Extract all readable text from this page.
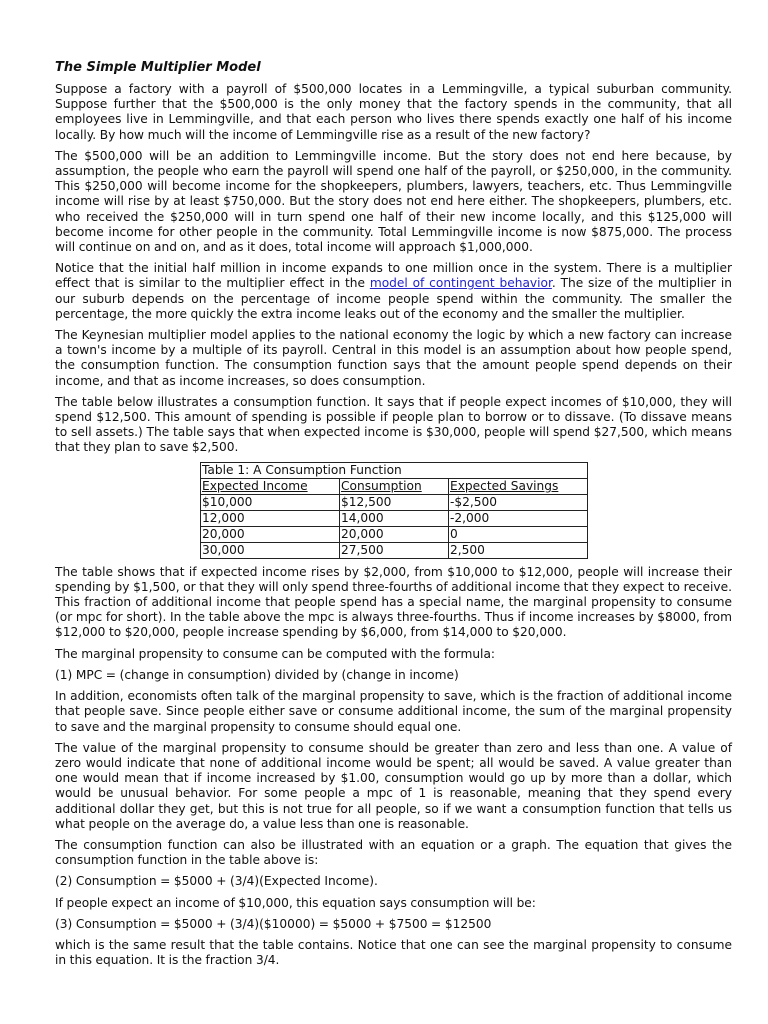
The Simple Multiplier Model

Suppose a factory with a payroll of $500,000 locates in a Lemmingville, a typical suburban community. Suppose further that the $500,000 is the only money that the factory spends in the community, that all employees live in Lemmingville, and that each person who lives there spends exactly one half of his income locally. By how much will the income of Lemmingville rise as a result of the new factory?

The $500,000 will be an addition to Lemmingville income. But the story does not end here because, by assumption, the people who earn the payroll will spend one half of the payroll, or $250,000, in the community. This $250,000 will become income for the shopkeepers, plumbers, lawyers, teachers, etc. Thus Lemmingville income will rise by at least $750,000. But the story does not end here either. The shopkeepers, plumbers, etc. who received the $250,000 will in turn spend one half of their new income locally, and this $125,000 will become income for other people in the community. Total Lemmingville income is now $875,000. The process will continue on and on, and as it does, total income will approach $1,000,000.

Notice that the initial half million in income expands to one million once in the system. There is a multiplier effect that is similar to the multiplier effect in the model of contingent behavior. The size of the multiplier in our suburb depends on the percentage of income people spend within the community. The smaller the percentage, the more quickly the extra income leaks out of the economy and the smaller the multiplier.

The Keynesian multiplier model applies to the national economy the logic by which a new factory can increase a town's income by a multiple of its payroll. Central in this model is an assumption about how people spend, the consumption function. The consumption function says that the amount people spend depends on their income, and that as income increases, so does consumption.

The table below illustrates a consumption function. It says that if people expect incomes of $10,000, they will spend $12,500. This amount of spending is possible if people plan to borrow or to dissave. (To dissave means to sell assets.) The table says that when expected income is $30,000, people will spend $27,500, which means that they plan to save $2,500.

Table 1: A Consumption Function		
Expected Income	Consumption	Expected Savings
$10,000	$12,500	-$2,500
12,000	14,000	-2,000
20,000	20,000	0
30,000	27,500	2,500

The table shows that if expected income rises by $2,000, from $10,000 to $12,000, people will increase their spending by $1,500, or that they will only spend three-fourths of additional income that they expect to receive. This fraction of additional income that people spend has a special name, the marginal propensity to consume (or mpc for short). In the table above the mpc is always three-fourths. Thus if income increases by $8000, from $12,000 to $20,000, people increase spending by $6,000, from $14,000 to $20,000.

The marginal propensity to consume can be computed with the formula:

(1) MPC = (change in consumption) divided by (change in income)

In addition, economists often talk of the marginal propensity to save, which is the fraction of additional income that people save. Since people either save or consume additional income, the sum of the marginal propensity to save and the marginal propensity to consume should equal one.

The value of the marginal propensity to consume should be greater than zero and less than one. A value of zero would indicate that none of additional income would be spent; all would be saved. A value greater than one would mean that if income increased by $1.00, consumption would go up by more than a dollar, which would be unusual behavior. For some people a mpc of 1 is reasonable, meaning that they spend every additional dollar they get, but this is not true for all people, so if we want a consumption function that tells us what people on the average do, a value less than one is reasonable.

The consumption function can also be illustrated with an equation or a graph. The equation that gives the consumption function in the table above is:

(2) Consumption = $5000 + (3/4)(Expected Income).

If people expect an income of $10,000, this equation says consumption will be:

(3) Consumption = $5000 + (3/4)($10000) = $5000 + $7500 = $12500

which is the same result that the table contains. Notice that one can see the marginal propensity to consume in this equation. It is the fraction 3/4.
